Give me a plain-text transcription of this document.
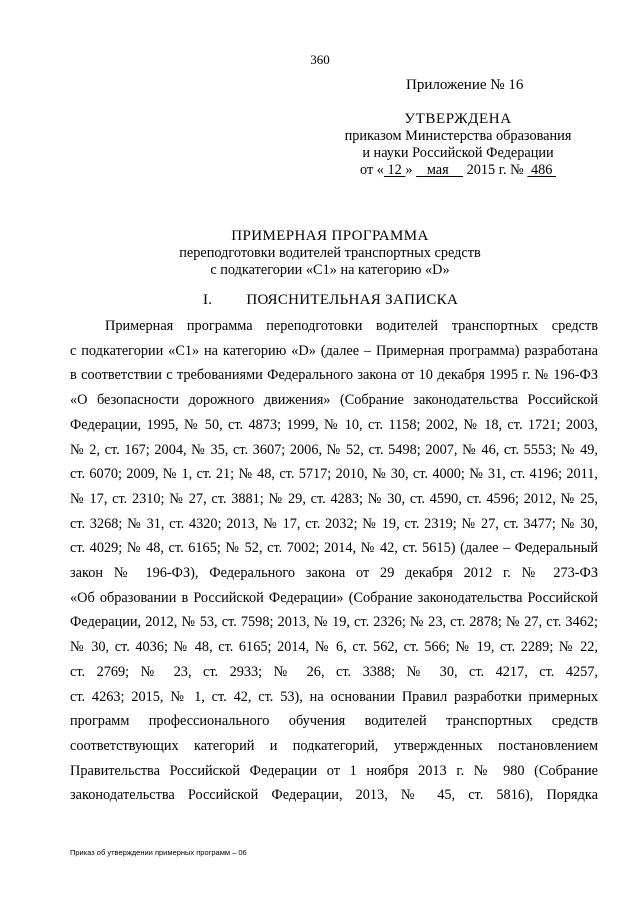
360
Приложение № 16
УТВЕРЖДЕНА
приказом Министерства образования
и науки Российской Федерации
от « 12 »    мая     2015 г. №  486
ПРИМЕРНАЯ ПРОГРАММА
переподготовки водителей транспортных средств
с подкатегории «C1» на категорию «D»
I. ПОЯСНИТЕЛЬНАЯ ЗАПИСКА
Примерная программа переподготовки водителей транспортных средств
с подкатегории «C1» на категорию «D» (далее – Примерная программа) разработана
в соответствии с требованиями Федерального закона от 10 декабря 1995 г. № 196-ФЗ
«О безопасности дорожного движения» (Собрание законодательства Российской
Федерации, 1995, № 50, ст. 4873; 1999, № 10, ст. 1158; 2002, № 18, ст. 1721; 2003,
№ 2, ст. 167; 2004, № 35, ст. 3607; 2006, № 52, ст. 5498; 2007, № 46, ст. 5553; № 49,
ст. 6070; 2009, № 1, ст. 21; № 48, ст. 5717; 2010, № 30, ст. 4000; № 31, ст. 4196; 2011,
№ 17, ст. 2310; № 27, ст. 3881; № 29, ст. 4283; № 30, ст. 4590, ст. 4596; 2012, № 25,
ст. 3268; № 31, ст. 4320; 2013, № 17, ст. 2032; № 19, ст. 2319; № 27, ст. 3477; № 30,
ст. 4029; № 48, ст. 6165; № 52, ст. 7002; 2014, № 42, ст. 5615) (далее – Федеральный
закон № 196-ФЗ), Федерального закона от 29 декабря 2012 г. № 273-ФЗ
«Об образовании в Российской Федерации» (Собрание законодательства Российской
Федерации, 2012, № 53, ст. 7598; 2013, № 19, ст. 2326; № 23, ст. 2878; № 27, ст. 3462;
№ 30, ст. 4036; № 48, ст. 6165; 2014, № 6, ст. 562, ст. 566; № 19, ст. 2289; № 22,
ст. 2769; № 23, ст. 2933; № 26, ст. 3388; № 30, ст. 4217, ст. 4257,
ст. 4263; 2015, № 1, ст. 42, ст. 53), на основании Правил разработки примерных
программ профессионального обучения водителей транспортных средств
соответствующих категорий и подкатегорий, утвержденных постановлением
Правительства Российской Федерации от 1 ноября 2013 г. № 980 (Собрание
законодательства Российской Федерации, 2013, № 45, ст. 5816), Порядка
Приказ об утверждении примерных программ – 06
